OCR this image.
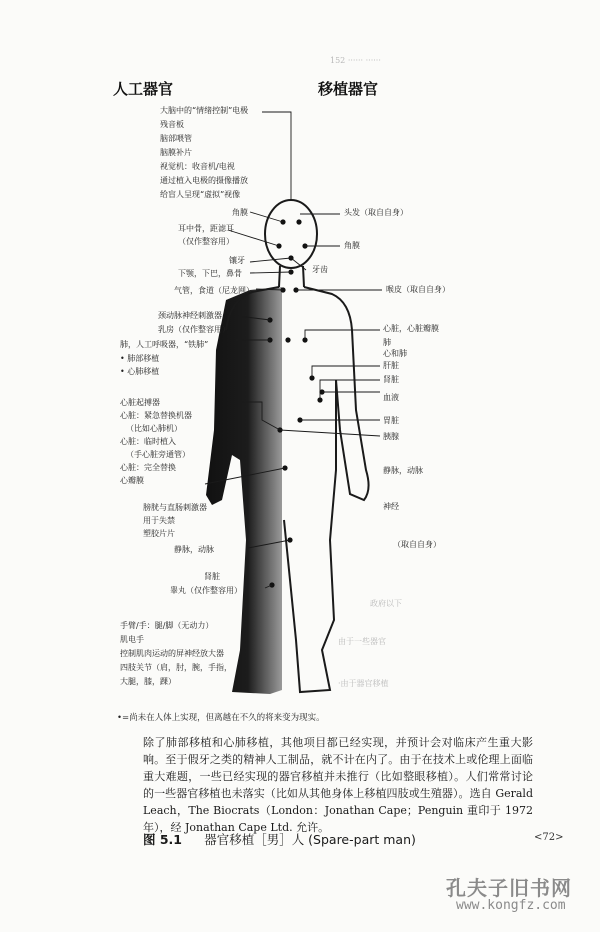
152 ······ ······
人工器官	移植器官
大脑中的“情绪控制”电极
残音板
脑部喂管
脑膜补片
视觉机：收音机/电视
通过植入电极的摄像播放
给盲人呈现“虚拟”视像
角膜
耳中骨，距滤耳
（仅作整容用）
镶牙
下颚，下巴，鼻骨
气管，食道（尼龙网）
颈动脉神经刺激器
乳房（仅作整容用）
肺，人工呼吸器，“铁肺”
• 肺部移植
• 心肺移植
心脏起搏器
心脏：紧急替换机器
（比如心肺机）
心脏：临时植入
（手心脏旁通管）
心脏：完全替换
心瓣膜
膀胱与直肠刺激器
用于失禁
塑胶片片
静脉，动脉
肾脏
睾丸（仅作整容用）
手臂/手：腿/脚（无动力）
肌电手
控制肌肉运动的屏神经放大器
四肢关节（肩，肘，腕，手指，
大腿，膝，踝）
头发（取自自身）
角膜
牙齿
喉皮（取自自身）
心脏，心脏瓣膜
肺
心和肺
肝脏
肾脏
血液
胃脏
胰腺
静脉，动脉
神经
（取自自身）
政府以下
由于一些器官
·由于器官移植
•=尚未在人体上实现，但离越在不久的将来变为现实。
除了肺部移植和心肺移植，其他项目都已经实现，并预计会对临床产生重大影响。至于假牙之类的精神人工制品，就不计在内了。由于在技术上或伦理上面临重大难题，一些已经实现的器官移植并未推行（比如整眼移植）。人们常常讨论的一些器官移植也未落实（比如从其他身体上移植四肢或生殖器）。选自 Gerald Leach，The Biocrats（London：Jonathan Cape；Penguin 重印于 1972 年），经 Jonathan Cape Ltd. 允许。
图 5.1 器官移植［男］人 (Spare-part man)	<72>
孔夫子旧书网
www.kongfz.com
